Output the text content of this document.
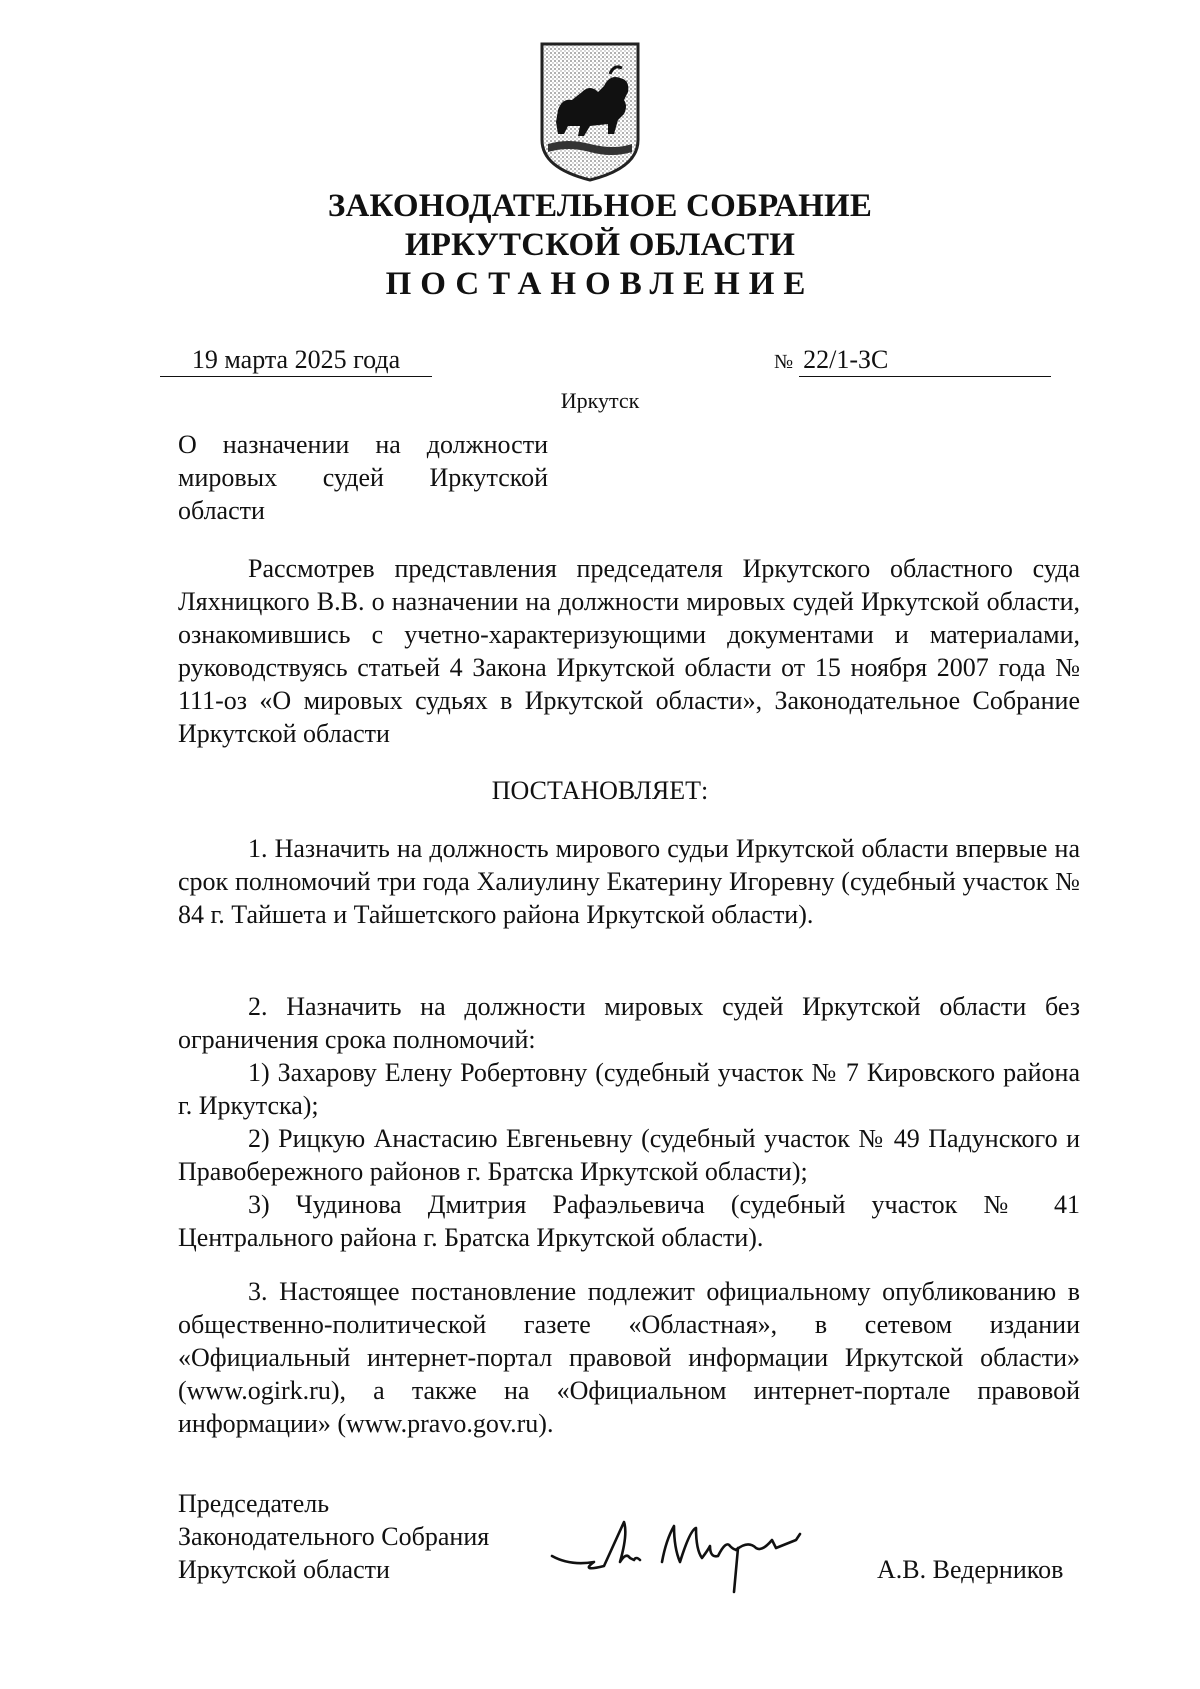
ЗАКОНОДАТЕЛЬНОЕ СОБРАНИЕ
ИРКУТСКОЙ ОБЛАСТИ
ПОСТАНОВЛЕНИЕ
19 марта 2025 года	№ 22/1-ЗС
Иркутск
О назначении на должности мировых судей Иркутской области

Рассмотрев представления председателя Иркутского областного суда Ляхницкого В.В. о назначении на должности мировых судей Иркутской области, ознакомившись с учетно-характеризующими документами и материалами, руководствуясь статьей 4 Закона Иркутской области от 15 ноября 2007 года № 111-оз «О мировых судьях в Иркутской области», Законодательное Собрание Иркутской области

ПОСТАНОВЛЯЕТ:

1. Назначить на должность мирового судьи Иркутской области впервые на срок полномочий три года Халиулину Екатерину Игоревну (судебный участок № 84 г. Тайшета и Тайшетского района Иркутской области).

2. Назначить на должности мировых судей Иркутской области без ограничения срока полномочий:

1) Захарову Елену Робертовну (судебный участок № 7 Кировского района г. Иркутска);

2) Рицкую Анастасию Евгеньевну (судебный участок № 49 Падунского и Правобережного районов г. Братска Иркутской области);

3) Чудинова Дмитрия Рафаэльевича (судебный участок № 41 Центрального района г. Братска Иркутской области).

3. Настоящее постановление подлежит официальному опубликованию в общественно-политической газете «Областная», в сетевом издании «Официальный интернет-портал правовой информации Иркутской области» (www.ogirk.ru), а также на «Официальном интернет-портале правовой информации» (www.pravo.gov.ru).

Председатель
Законодательного Собрания
Иркутской области	А.В. Ведерников
